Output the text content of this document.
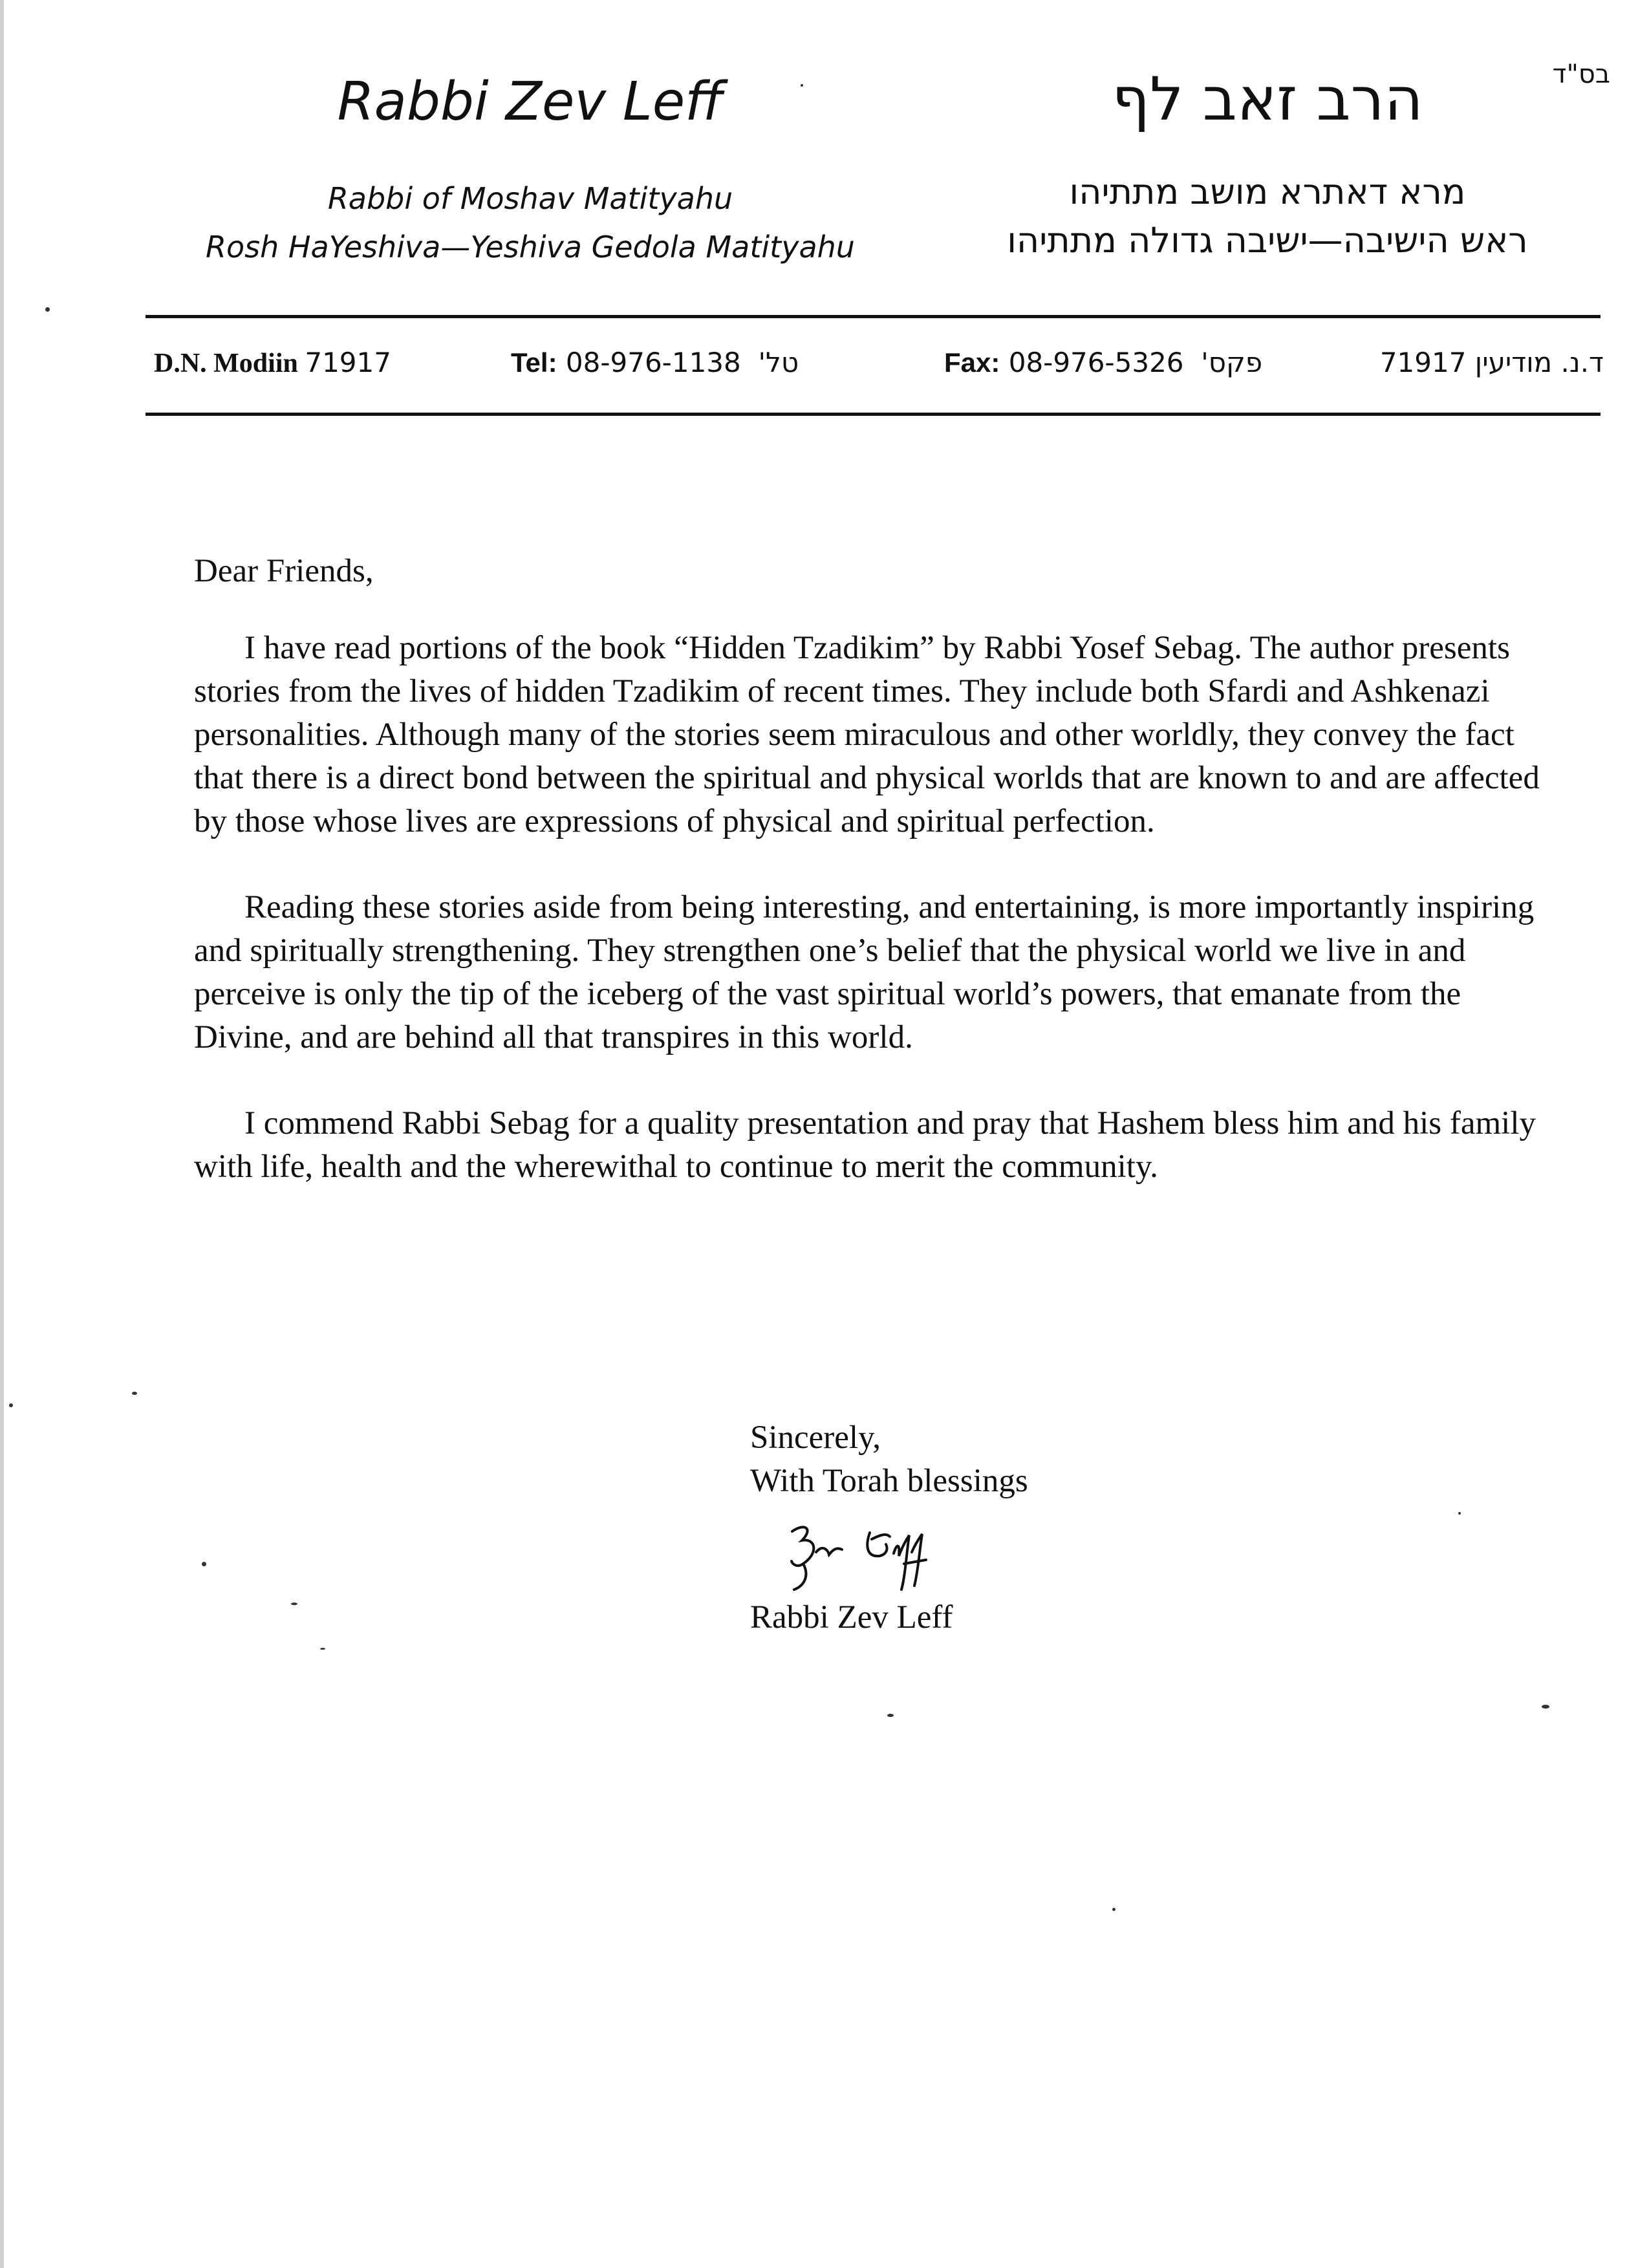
Rabbi Zev Leff
Rabbi of Moshav Matityahu
Rosh HaYeshiva—Yeshiva Gedola Matityahu
בס"ד
הרב זאב לף
מרא דאתרא מושב מתתיהו
ראש הישיבה—ישיבה גדולה מתתיהו
D.N. Modiin 71917	Tel: 08-976-1138 טל'	Fax: 08-976-5326 פקס'	ד.נ. מודיעין 71917

Dear Friends,

I have read portions of the book “Hidden Tzadikim” by Rabbi Yosef Sebag. The author presents stories from the lives of hidden Tzadikim of recent times. They include both Sfardi and Ashkenazi personalities. Although many of the stories seem miraculous and other worldly, they convey the fact that there is a direct bond between the spiritual and physical worlds that are known to and are affected by those whose lives are expressions of physical and spiritual perfection.

Reading these stories aside from being interesting, and entertaining, is more importantly inspiring and spiritually strengthening. They strengthen one’s belief that the physical world we live in and perceive is only the tip of the iceberg of the vast spiritual world’s powers, that emanate from the Divine, and are behind all that transpires in this world.

I commend Rabbi Sebag for a quality presentation and pray that Hashem bless him and his family with life, health and the wherewithal to continue to merit the community.

Sincerely,
With Torah blessings
Rabbi Zev Leff
